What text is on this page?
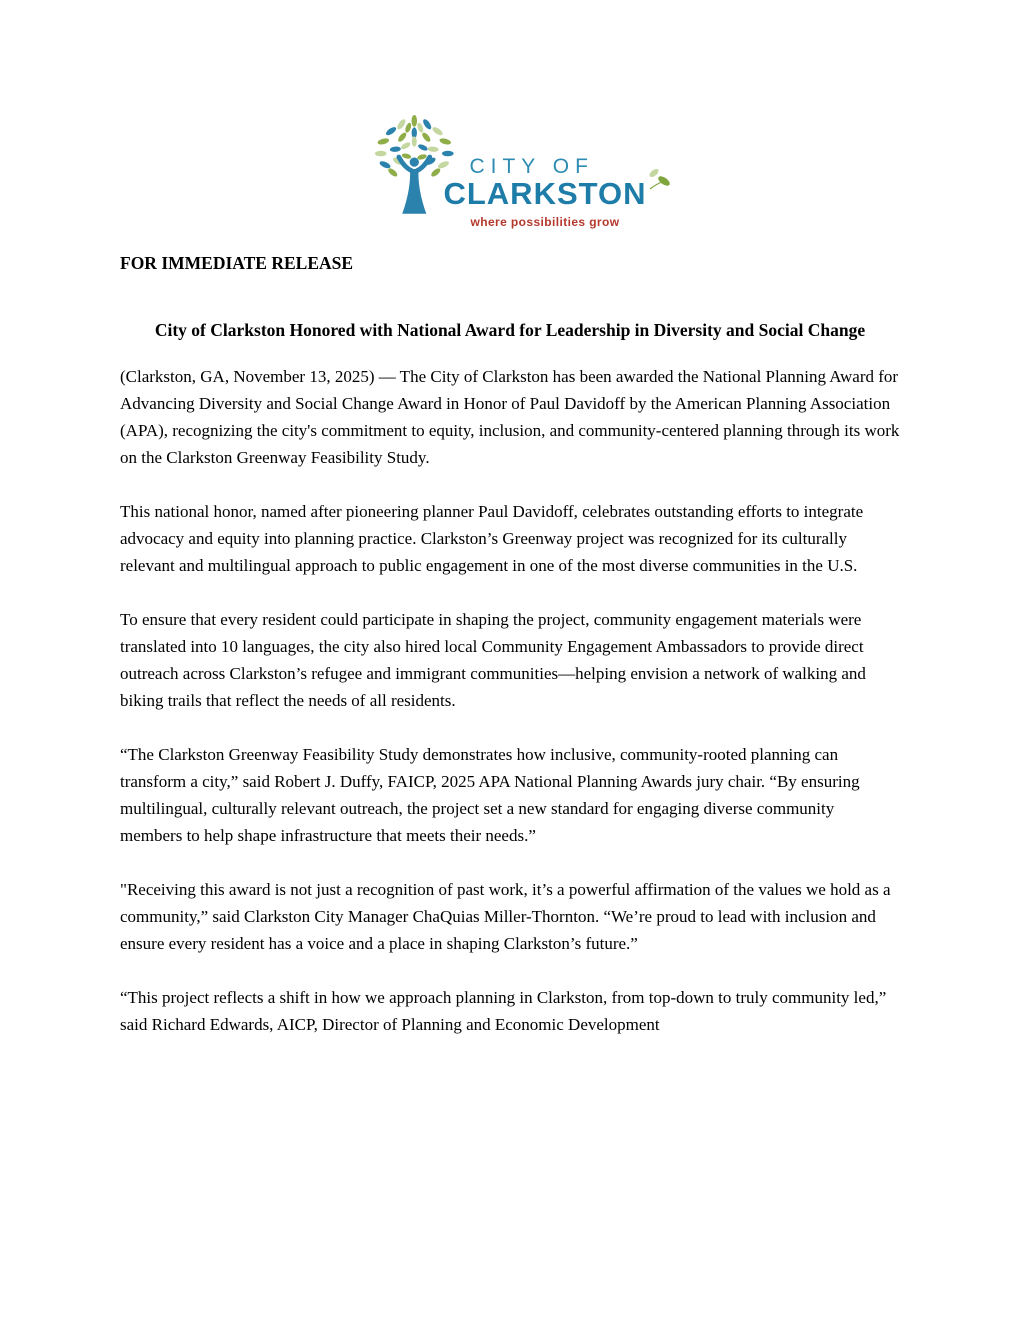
CITY OF
CLARKSTON
where possibilities grow
FOR IMMEDIATE RELEASE
City of Clarkston Honored with National Award for Leadership in Diversity and Social Change

(Clarkston, GA, November 13, 2025) — The City of Clarkston has been awarded the National Planning Award for Advancing Diversity and Social Change Award in Honor of Paul Davidoff by the American Planning Association (APA), recognizing the city's commitment to equity, inclusion, and community-centered planning through its work on the Clarkston Greenway Feasibility Study.

This national honor, named after pioneering planner Paul Davidoff, celebrates outstanding efforts to integrate advocacy and equity into planning practice. Clarkston’s Greenway project was recognized for its culturally relevant and multilingual approach to public engagement in one of the most diverse communities in the U.S.

To ensure that every resident could participate in shaping the project, community engagement materials were translated into 10 languages, the city also hired local Community Engagement Ambassadors to provide direct outreach across Clarkston’s refugee and immigrant communities—helping envision a network of walking and biking trails that reflect the needs of all residents.

“The Clarkston Greenway Feasibility Study demonstrates how inclusive, community-rooted planning can transform a city,” said Robert J. Duffy, FAICP, 2025 APA National Planning Awards jury chair. “By ensuring multilingual, culturally relevant outreach, the project set a new standard for engaging diverse community members to help shape infrastructure that meets their needs.”

"Receiving this award is not just a recognition of past work, it’s a powerful affirmation of the values we hold as a community,” said Clarkston City Manager ChaQuias Miller-Thornton. “We’re proud to lead with inclusion and ensure every resident has a voice and a place in shaping Clarkston’s future.”

“This project reflects a shift in how we approach planning in Clarkston, from top-down to truly community led,” said Richard Edwards, AICP, Director of Planning and Economic Development
